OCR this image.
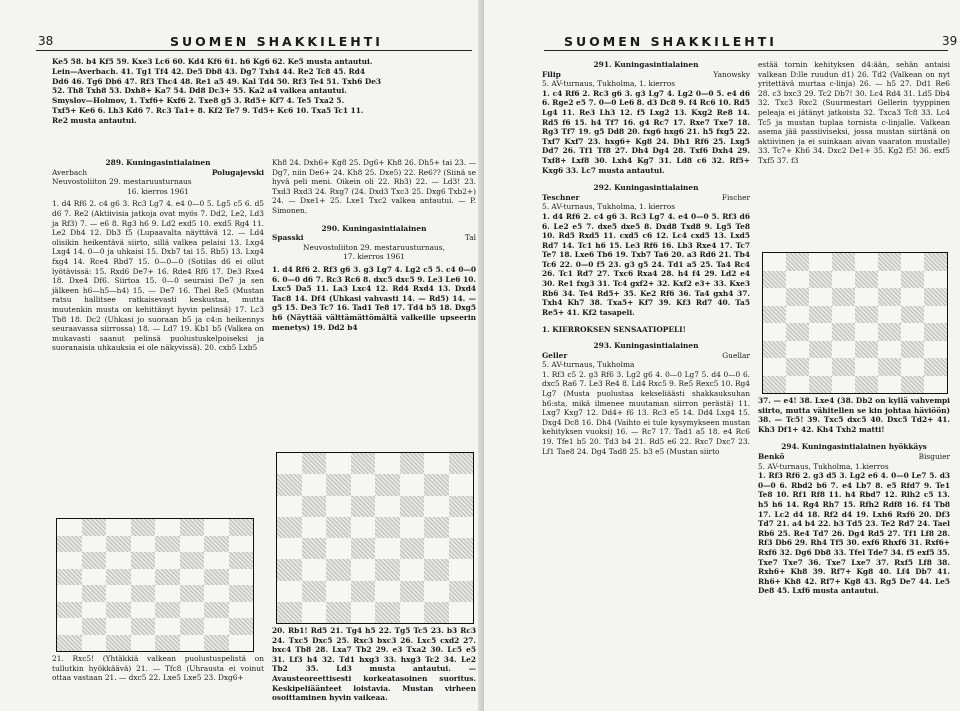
38	SUOMEN SHAKKILEHTI

Ke5 58. b4 Kf5 59. Kxe3 Lc6 60. Kd4 Kf6 61. h6 Kg6 62. Ke5 musta antautui.

Lein—Averbach. 41. Tg1 Tf4 42. De5 Db8 43. Dg7 Txh4 44. Re2 Tc8 45. Rd4

Dd6 46. Tg6 Db6 47. Rf3 Thc4 48. Re1 a5 49. Kal Td4 50. Rf3 Te4 51. Txh6 De3

52. Th8 Txh8 53. Dxh8+ Ka7 54. Dd8 Dc3+ 55. Ka2 a4 valkea antautui.

Smyslov—Holmov, 1. Txf6+ Kxf6 2. Txe8 g5 3. Rd5+ Kf7 4. Te5 Txa2 5.

Txf5+ Ke6 6. Lh3 Kd6 7. Rc3 Ta1+ 8. Kf2 Te7 9. Td5+ Kc6 10. Txa5 Tc1 11.

Re2 musta antautui.

289. Kuningasintialainen

Averbach	Polugajevski

Neuvostoliiton 29. mestaruusturnaus

16. kierros 1961

1. d4 Rf6 2. c4 g6 3. Rc3 Lg7 4. e4 0—0 5. Lg5 c5 6. d5 d6 7. Re2 (Aktiivisia jatkoja ovat myös 7. Dd2, Le2, Ld3 ja Rf3) 7. — e6 8. Rg3 h6 9. Ld2 exd5 10. exd5 Rg4 11. Le2 Dh4 12. Db3 f5 (Lupaavalta näyttävä 12. — Ld4 olisikin heikentävä siirto, sillä valkea pelaisi 13. Lxg4 Lxg4 14. 0—0 ja uhkaisi 15. Dxb7 tai 15. Rb5) 13. Lxg4 fxg4 14. Rce4 Rbd7 15. 0—0—0 (Sotilas d6 ei ollut lyötävissä: 15. Rxd6 De7+ 16. Rde4 Rf6 17. De3 Rxe4 18. Dxe4 Df6. Siirtoa 15. 0—0 seuraisi De7 ja sen jälkeen h6—h5—h4) 15. — De7 16. Thel Re5 (Mustan ratsu hallitsee ratkaisevasti keskustaa, mutta muutenkin musta on kehittänyt hyvin pelinsä) 17. Lc3 Tb8 18. Dc2 (Uhkasi jo suoraan b5 ja c4:n heikennys seuraavassa siirrossa) 18. — Ld7 19. Kb1 b5 (Valkea on mukavasti saanut pelinsä puolustuskelpoiseksi ja suoranaisia uhkauksia ei ole näkyvissä). 20. cxb5 Lxb5

21. Rxc5! (Yhtäkkiä valkean puolustuspelistä on tullutkin hyökkäävä) 21. — Tfc8 (Uhrausta ei voinut ottaa vastaan 21. — dxc5 22. Lxe5 Lxe5 23. Dxg6+

Kh8 24. Dxh6+ Kg8 25. Dg6+ Kh8 26. Dh5+ tai 23. — Dg7, niin De6+ 24. Kh8 25. Dxe5) 22. Re6?? (Siinä se hyvä peli meni. Oikein oli 22. Rb3) 22. — Ld3! 23. Txd3 Rxd3 24. Rxg7 (24. Dxd3 Txc3 25. Dxg6 Txb2+) 24. — Dxe1+ 25. Lxe1 Txc2 valkea antautui. — P. Simonen.

290. Kuningasintialainen

Spasski	Tal

Neuvostoliiton 29. mestaruusturnaus,

17. kierros 1961

1. d4 Rf6 2. Rf3 g6 3. g3 Lg7 4. Lg2 c5 5. c4 0—0 6. 0—0 d6 7. Rc3 Rc6 8. dxc5 dxc5 9. Le3 Le6 10. Lxc5 Da5 11. La3 Lxc4 12. Rd4 Rxd4 13. Dxd4 Tac8 14. Df4 (Uhkasi vahvasti 14. — Rd5) 14. — g5 15. De3 Tc7 16. Tad1 Te8 17. Td4 b5 18. Dxg5 h6 (Näyttää välttämättömältä valkeille upseerin menetys) 19. Dd2 b4

20. Rb1! Rd5 21. Tg4 h5 22. Tg5 Tc5 23. b3 Rc3 24. Txc5 Dxc5 25. Rxc3 bxc3 26. Lxc5 cxd2 27. bxc4 Tb8 28. Lxa7 Tb2 29. e3 Txa2 30. Lc5 e5 31. Lf3 h4 32. Td1 hxg3 33. hxg3 Tc2 34. Le2 Tb2 35. Ld3 musta antautui. — Avausteoreettisesti korkeatasoinen suoritus. Keskipeliäänteet loistavia. Mustan virheen osoittaminen hyvin vaikeaa.
SUOMEN SHAKKILEHTI	39

291. Kuningasintialainen

Filip	Yanowsky

5. AV-turnaus, Tukholma, 1. kierros

1. c4 Rf6 2. Rc3 g6 3. g3 Lg7 4. Lg2 0—0 5. e4 d6 6. Rge2 e5 7. 0—0 Le6 8. d3 Dc8 9. f4 Rc6 10. Rd5 Lg4 11. Re3 Lh3 12. f5 Lxg2 13. Kxg2 Re8 14. Rd5 f6 15. h4 Tf7 16. g4 Rc7 17. Rxe7 Txe7 18. Rg3 Tf7 19. g5 Dd8 20. fxg6 hxg6 21. h5 fxg5 22. Txf7 Kxf7 23. hxg6+ Kg8 24. Dh1 Rf6 25. Lxg5 Dd7 26. Tf1 Tf8 27. Dh4 Dg4 28. Txf6 Dxh4 29. Txf8+ Lxf8 30. Lxh4 Kg7 31. Ld8 c6 32. Rf5+ Kxg6 33. Lc7 musta antautui.

292. Kuningasintialainen

Teschner	Fischer

5. AV-turnaus, Tukholma, 1. kierros

1. d4 Rf6 2. c4 g6 3. Rc3 Lg7 4. e4 0—0 5. Rf3 d6 6. Le2 e5 7. dxe5 dxe5 8. Dxd8 Txd8 9. Lg5 Te8 10. Rd5 Rxd5 11. cxd5 c6 12. Lc4 cxd5 13. Lxd5 Rd7 14. Tc1 h6 15. Le3 Rf6 16. Lb3 Rxe4 17. Tc7 Te7 18. Lxe6 Tb6 19. Txb7 Ta6 20. a3 Rd6 21. Tb4 Tc6 22. 0—0 f5 23. g3 g5 24. Td1 a5 25. Ta4 Rc4 26. Tc1 Rd7 27. Txc6 Rxa4 28. h4 f4 29. Ld2 e4 30. Re1 fxg3 31. Tc4 gxf2+ 32. Kxf2 e3+ 33. Kxe3 Rb6 34. Te4 Rd5+ 35. Ke2 Rf6 36. Ta4 gxh4 37. Txh4 Kh7 38. Txa5+ Kf7 39. Kf3 Rd7 40. Ta5 Re5+ 41. Kf2 tasapeli.

1. KIERROKSEN SENSAATIOPELI!

293. Kuningasintialainen

Geller	Guellar

5. AV-turnaus, Tukholma

1. Rf3 c5 2. g3 Rf6 3. Lg2 g6 4. 0—0 Lg7 5. d4 0—0 6. dxc5 Ra6 7. Le3 Re4 8. Ld4 Rxc5 9. Re5 Rexc5 10. Rg4 Lg7 (Musta puolustaa kekseliäästi shakkauksuhan h6:sta, mikä ilmenee muutaman siirron perästä) 11. Lxg7 Kxg7 12. Dd4+ f6 13. Rc3 e5 14. Dd4 Lxg4 15. Dxg4 Dc8 16. Dh4 (Vaihto ei tule kysymykseen mustan kehityksen vuoksi) 16. — Rc7 17. Tad1 a5 18. e4 Rc6 19. Tfe1 b5 20. Td3 b4 21. Rd5 e6 22. Rxc7 Dxc7 23. Lf1 Tae8 24. Dg4 Tad8 25. b3 e5 (Mustan siirto

estää tornin kehityksen d4:ään, sehän antaisi valkean D:lle ruudun d1) 26. Td2 (Valkean on nyt yritettävä murtaa c-linja) 26. — h5 27. Dd1 Re6 28. c3 bxc3 29. Tc2 Db7! 30. Lc4 Rd4 31. Ld5 Db4 32. Txc3 Rxc2 (Suurmestari Gellerin tyyppinen peleaja ei jätänyt jatkoista 32. Txca3 Tc8 33. Lc4 Tc5 ja mustan tuplaa tornista c-linjalle. Valkean asema jää passiiviseksi, jossa mustan siirtänä on aktiivinen ja ei suinkaan aivan vaaraton mustalle) 33. Tc7+ Kh6 34. Dxc2 De1+ 35. Kg2 f5! 36. exf5 Txf5 37. f3

37. — e4! 38. Lxe4 (38. Db2 on kyllä vahvempi siirto, mutta vähitellen se kin johtaa häviöön) 38. — Tc5! 39. Txc5 dxc5 40. Dxc5 Td2+ 41. Kh3 Df1+ 42. Kh4 Txh2 matti!

294. Kuningasintialainen hyökkäys

Benkö	Bisguier

5. AV-turnaus, Tukholma, 1.kierros

1. Rf3 Rf6 2. g3 d5 3. Lg2 e6 4. 0—0 Le7 5. d3 0—0 6. Rbd2 b6 7. e4 Lb7 8. e5 Rfd7 9. Te1 Te8 10. Rf1 Rf8 11. h4 Rbd7 12. Rlh2 c5 13. h5 h6 14. Rg4 Rh7 15. Rfh2 Rdf8 16. f4 Tb8 17. Lc2 d4 18. Rf2 d4 19. Lxh6 Rxf6 20. Df3 Td7 21. a4 b4 22. b3 Td5 23. Te2 Rd7 24. Tael Rb6 25. Re4 Td7 26. Dg4 Rd5 27. Tf1 Lf8 28. Rf3 Db6 29. Rh4 Tf5 30. exf6 Rhxf6 31. Rxf6+ Rxf6 32. Dg6 Db8 33. Tfel Tde7 34. f5 exf5 35. Txe7 Txe7 36. Txe7 Lxe7 37. Rxf5 Lf8 38. Rxh6+ Kh8 39. Rf7+ Kg8 40. Lf4 Db7 41. Rh6+ Kh8 42. Rf7+ Kg8 43. Rg5 De7 44. Le5 De8 45. Lxf6 musta antautui.
